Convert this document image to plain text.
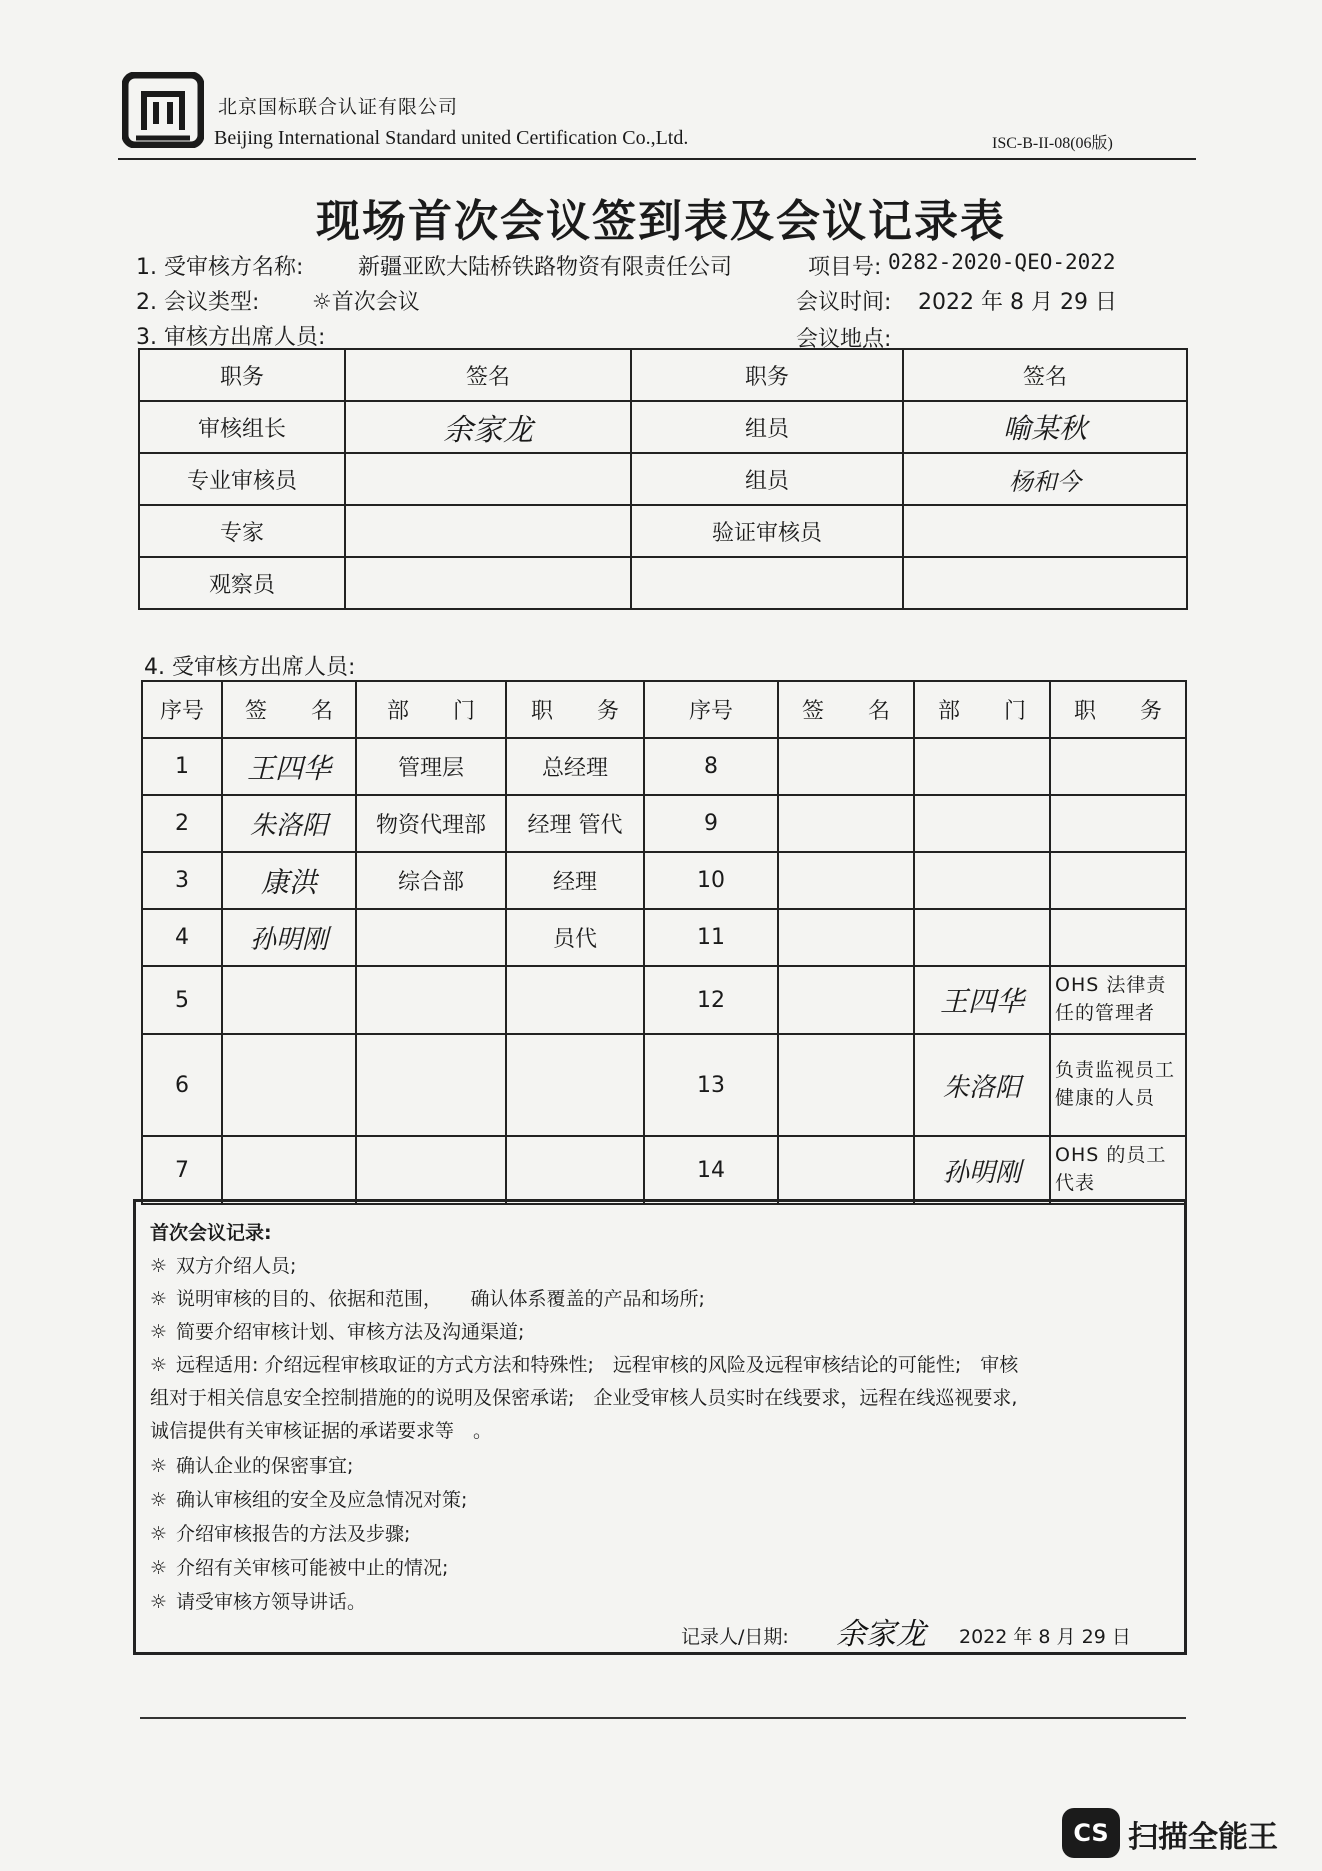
北京国标联合认证有限公司
Beijing International Standard united Certification Co.,Ltd.	ISC-B-II-08(06版)
现场首次会议签到表及会议记录表
1. 受审核方名称: 新疆亚欧大陆桥铁路物资有限责任公司	项目号: 0282-2020-QEO-2022
2. 会议类型: ☼首次会议	会议时间: 2022 年 8 月 29 日
3. 审核方出席人员:	会议地点:
职务	签名	职务	签名
审核组长	余家龙	组员	喻某秋
专业审核员		组员	杨和今
专家		验证审核员	
观察员			
4. 受审核方出席人员:
序号	签　　名	部　　门	职　　务	序号	签　　名	部　　门	职　　务
1	王四华	管理层	总经理	8			
2	朱洛阳	物资代理部	经理 管代	9			
3	康洪	综合部	经理	10			
4	孙明刚		员代	11			
5				12		王四华	OHS 法律责任的管理者
6				13		朱洛阳	负责监视员工健康的人员
7				14		孙明刚	OHS 的员工代表
首次会议记录:
☼ 双方介绍人员;
☼ 说明审核的目的、依据和范围，　　确认体系覆盖的产品和场所;
☼ 简要介绍审核计划、审核方法及沟通渠道;
☼ 远程适用: 介绍远程审核取证的方式方法和特殊性;　远程审核的风险及远程审核结论的可能性;　审核
组对于相关信息安全控制措施的的说明及保密承诺;　企业受审核人员实时在线要求，远程在线巡视要求,
诚信提供有关审核证据的承诺要求等　。
☼ 确认企业的保密事宜;
☼ 确认审核组的安全及应急情况对策;
☼ 介绍审核报告的方法及步骤;
☼ 介绍有关审核可能被中止的情况;
☼ 请受审核方领导讲话。
记录人/日期: 余家龙 2022 年 8 月 29 日
CS 扫描全能王
